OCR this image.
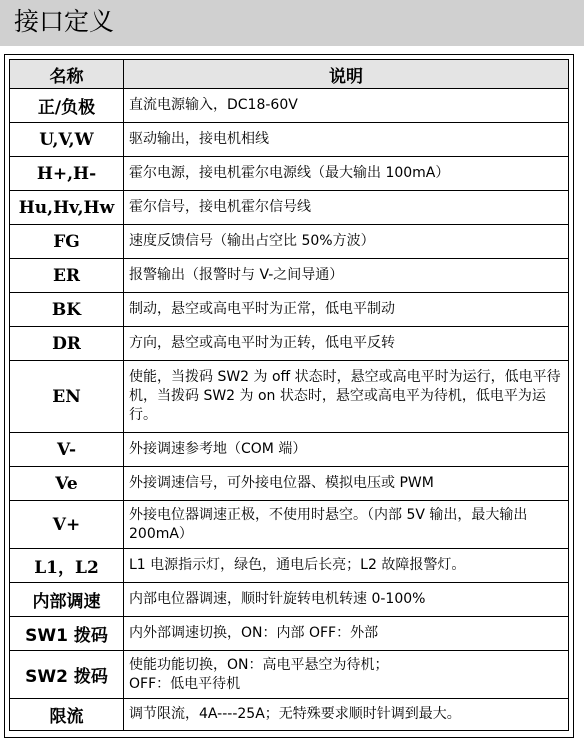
接口定义
名称	说明
正/负极	直流电源输入，DC18-60V
U,V,W	驱动输出，接电机相线
H+,H-	霍尔电源，接电机霍尔电源线（最大输出 100mA）
Hu,Hv,Hw	霍尔信号，接电机霍尔信号线
FG	速度反馈信号（输出占空比 50%方波）
ER	报警输出（报警时与 V-之间导通）
BK	制动，悬空或高电平时为正常，低电平制动
DR	方向，悬空或高电平时为正转，低电平反转
EN	使能，当拨码 SW2 为 off 状态时，悬空或高电平时为运行，低电平待机，当拨码 SW2 为 on 状态时，悬空或高电平为待机，低电平为运行。
V-	外接调速参考地（COM 端）
Ve	外接调速信号，可外接电位器、模拟电压或 PWM
V+	外接电位器调速正极，不使用时悬空。（内部 5V 输出，最大输出 200mA）
L1，L2	L1 电源指示灯，绿色，通电后长亮；L2 故障报警灯。
内部调速	内部电位器调速，顺时针旋转电机转速 0-100%
SW1 拨码	内外部调速切换，ON：内部 OFF：外部
SW2 拨码	使能功能切换，ON：高电平悬空为待机；
OFF：低电平待机
限流	调节限流，4A----25A；无特殊要求顺时针调到最大。
